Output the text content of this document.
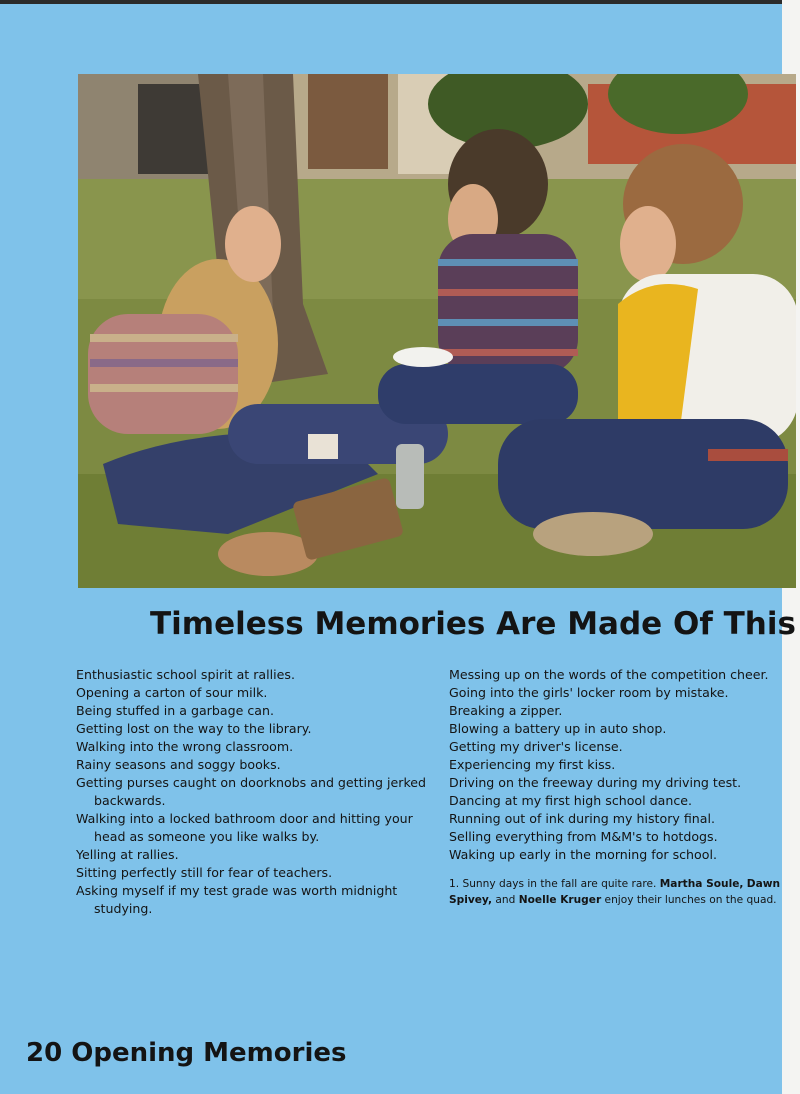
Timeless Memories Are Made Of This
Enthusiastic school spirit at rallies.
Opening a carton of sour milk.
Being stuffed in a garbage can.
Getting lost on the way to the library.
Walking into the wrong classroom.
Rainy seasons and soggy books.
Getting purses caught on doorknobs and getting jerked backwards.
Walking into a locked bathroom door and hitting your head as someone you like walks by.
Yelling at rallies.
Sitting perfectly still for fear of teachers.
Asking myself if my test grade was worth midnight studying.
Messing up on the words of the competition cheer.
Going into the girls' locker room by mistake.
Breaking a zipper.
Blowing a battery up in auto shop.
Getting my driver's license.
Experiencing my first kiss.
Driving on the freeway during my driving test.
Dancing at my first high school dance.
Running out of ink during my history final.
Selling everything from M&M's to hotdogs.
Waking up early in the morning for school.
1. Sunny days in the fall are quite rare. Martha Soule, Dawn Spivey, and Noelle Kruger enjoy their lunches on the quad.
20 Opening Memories
